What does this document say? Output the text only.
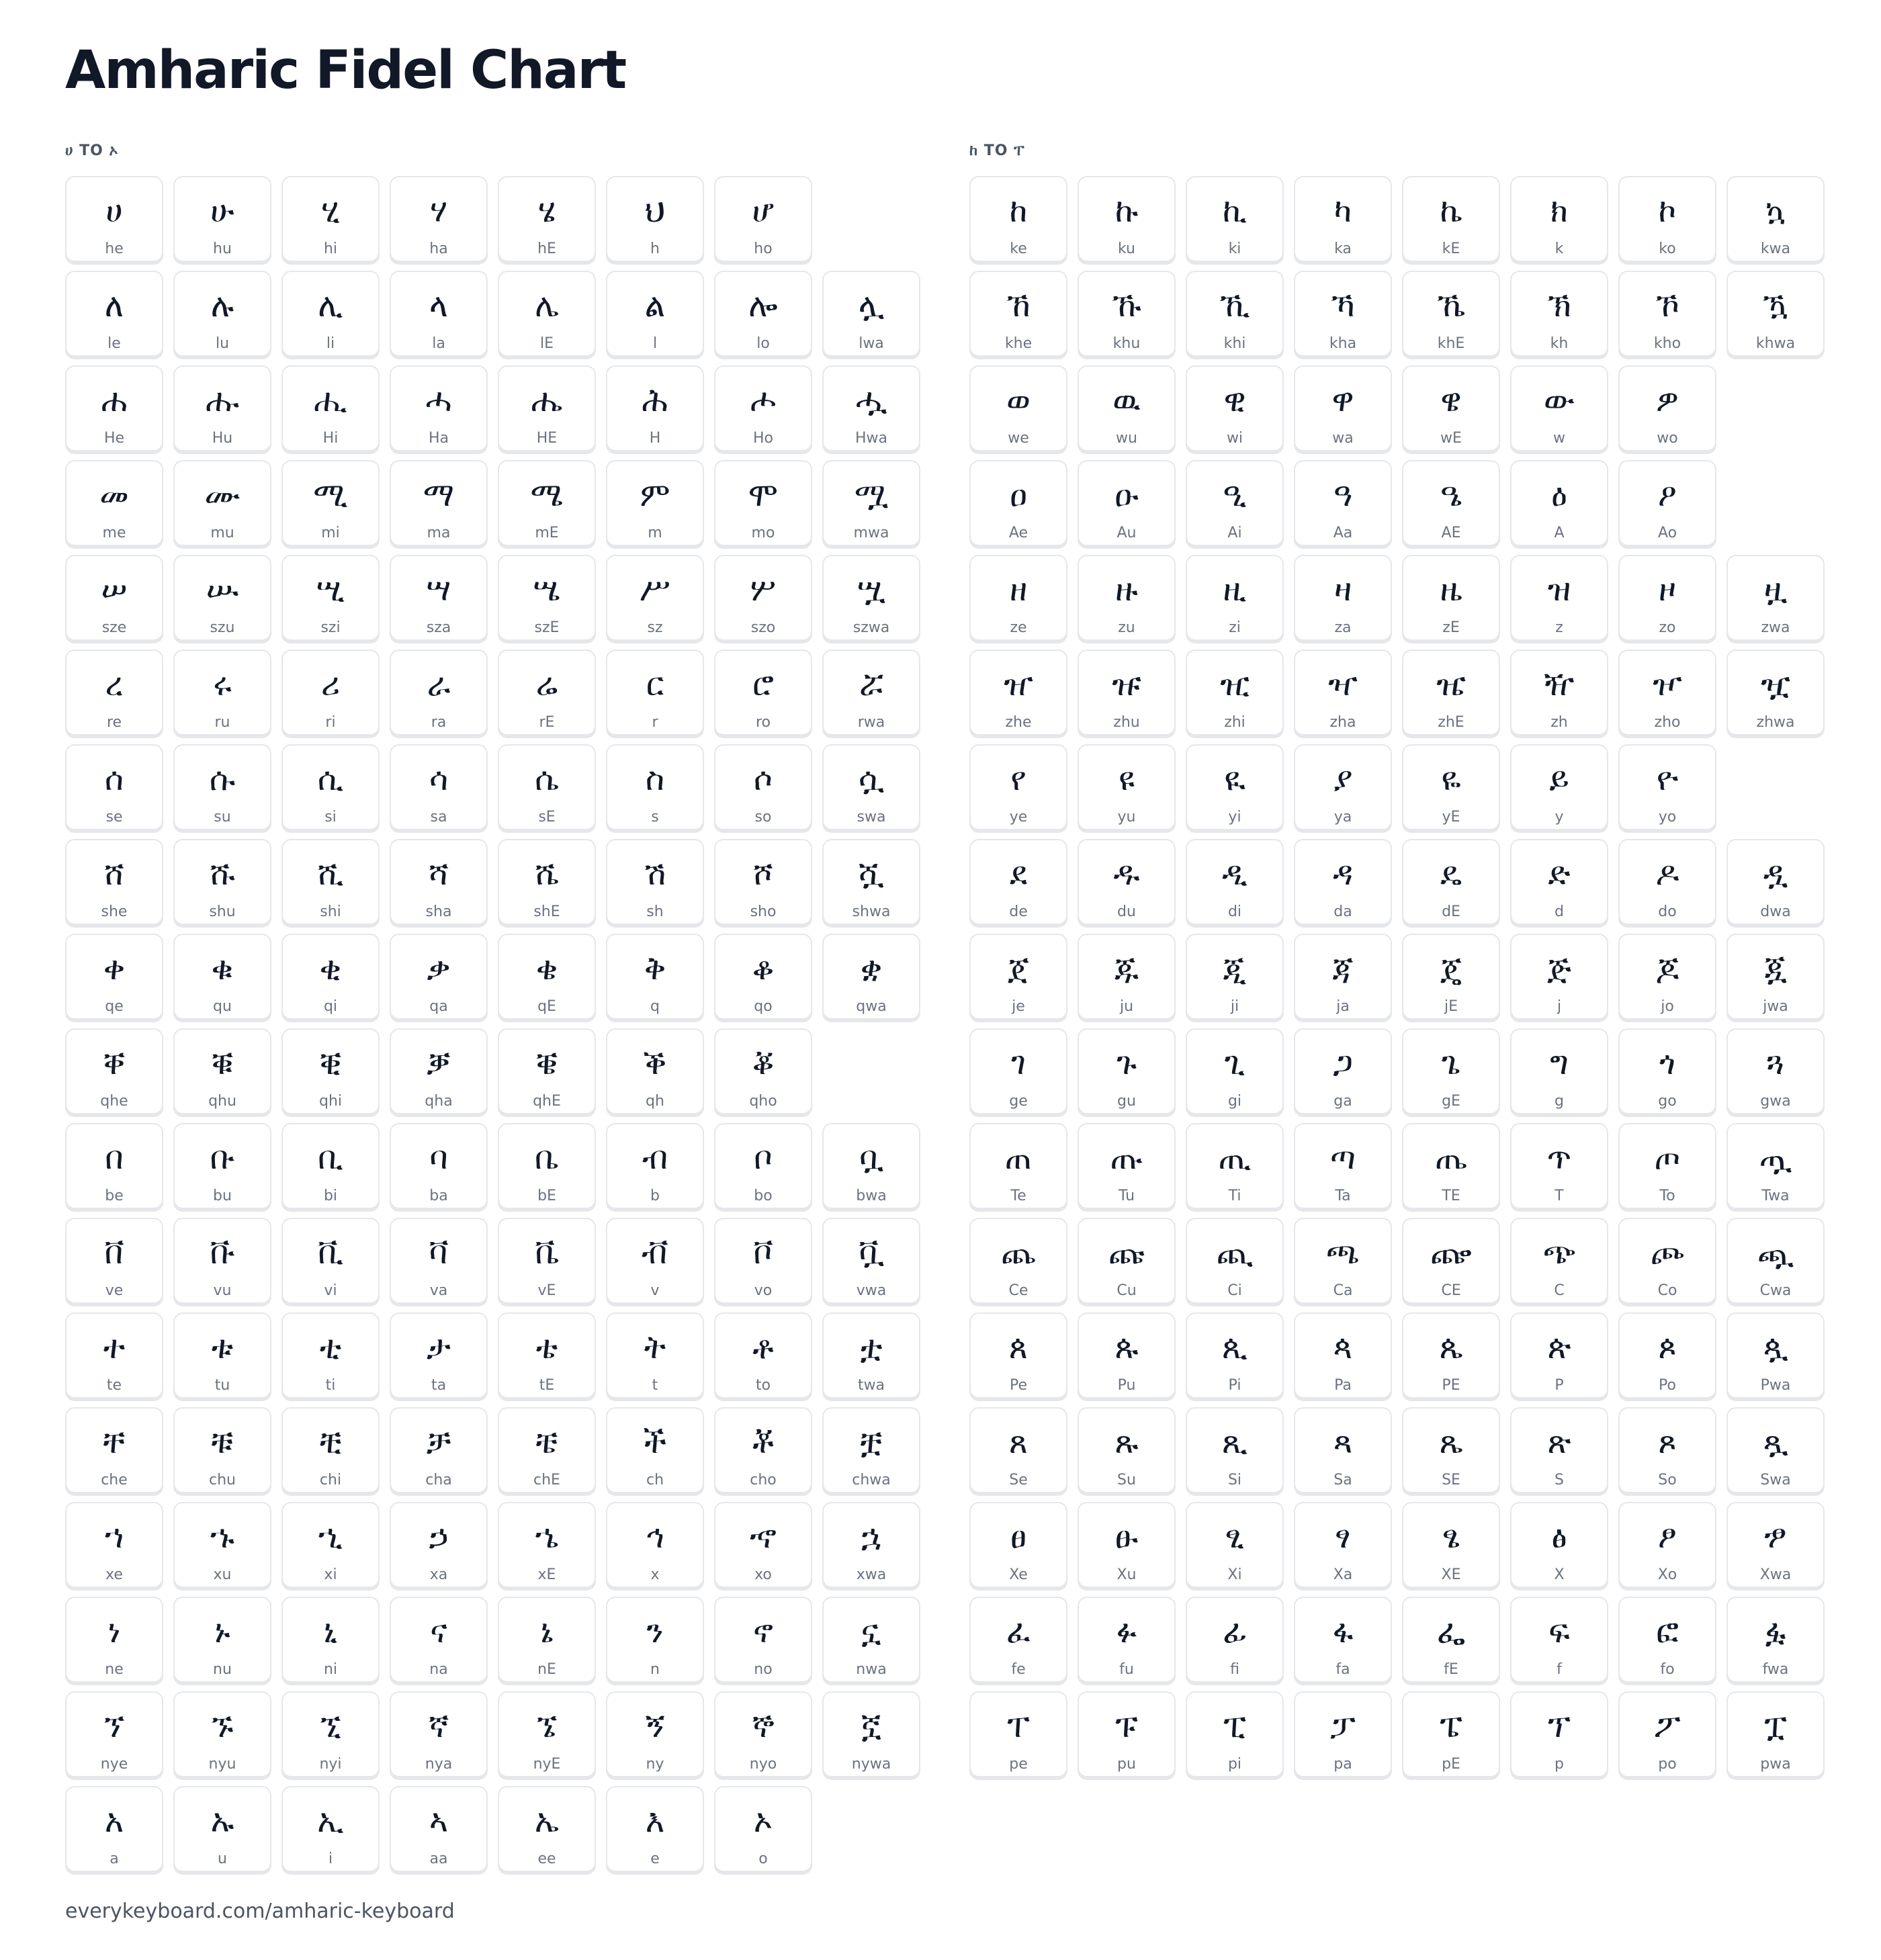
Amharic Fidel Chart
ሀ TO ኦ
ሀ
he
ሁ
hu
ሂ
hi
ሃ
ha
ሄ
hE
ህ
h
ሆ
ho
ለ
le
ሉ
lu
ሊ
li
ላ
la
ሌ
lE
ል
l
ሎ
lo
ሏ
lwa
ሐ
He
ሑ
Hu
ሒ
Hi
ሓ
Ha
ሔ
HE
ሕ
H
ሖ
Ho
ሗ
Hwa
መ
me
ሙ
mu
ሚ
mi
ማ
ma
ሜ
mE
ም
m
ሞ
mo
ሟ
mwa
ሠ
sze
ሡ
szu
ሢ
szi
ሣ
sza
ሤ
szE
ሥ
sz
ሦ
szo
ሧ
szwa
ረ
re
ሩ
ru
ሪ
ri
ራ
ra
ሬ
rE
ር
r
ሮ
ro
ሯ
rwa
ሰ
se
ሱ
su
ሲ
si
ሳ
sa
ሴ
sE
ስ
s
ሶ
so
ሷ
swa
ሸ
she
ሹ
shu
ሺ
shi
ሻ
sha
ሼ
shE
ሽ
sh
ሾ
sho
ሿ
shwa
ቀ
qe
ቁ
qu
ቂ
qi
ቃ
qa
ቄ
qE
ቅ
q
ቆ
qo
ቋ
qwa
ቐ
qhe
ቑ
qhu
ቒ
qhi
ቓ
qha
ቔ
qhE
ቕ
qh
ቖ
qho
በ
be
ቡ
bu
ቢ
bi
ባ
ba
ቤ
bE
ብ
b
ቦ
bo
ቧ
bwa
ቨ
ve
ቩ
vu
ቪ
vi
ቫ
va
ቬ
vE
ቭ
v
ቮ
vo
ቯ
vwa
ተ
te
ቱ
tu
ቲ
ti
ታ
ta
ቴ
tE
ት
t
ቶ
to
ቷ
twa
ቸ
che
ቹ
chu
ቺ
chi
ቻ
cha
ቼ
chE
ች
ch
ቾ
cho
ቿ
chwa
ኀ
xe
ኁ
xu
ኂ
xi
ኃ
xa
ኄ
xE
ኅ
x
ኆ
xo
ኋ
xwa
ነ
ne
ኑ
nu
ኒ
ni
ና
na
ኔ
nE
ን
n
ኖ
no
ኗ
nwa
ኘ
nye
ኙ
nyu
ኚ
nyi
ኛ
nya
ኜ
nyE
ኝ
ny
ኞ
nyo
ኟ
nywa
አ
a
ኡ
u
ኢ
i
ኣ
aa
ኤ
ee
እ
e
ኦ
o
ከ TO ፐ
ከ
ke
ኩ
ku
ኪ
ki
ካ
ka
ኬ
kE
ክ
k
ኮ
ko
ኳ
kwa
ኸ
khe
ኹ
khu
ኺ
khi
ኻ
kha
ኼ
khE
ኽ
kh
ኾ
kho
ዃ
khwa
ወ
we
ዉ
wu
ዊ
wi
ዋ
wa
ዌ
wE
ው
w
ዎ
wo
ዐ
Ae
ዑ
Au
ዒ
Ai
ዓ
Aa
ዔ
AE
ዕ
A
ዖ
Ao
ዘ
ze
ዙ
zu
ዚ
zi
ዛ
za
ዜ
zE
ዝ
z
ዞ
zo
ዟ
zwa
ዠ
zhe
ዡ
zhu
ዢ
zhi
ዣ
zha
ዤ
zhE
ዥ
zh
ዦ
zho
ዧ
zhwa
የ
ye
ዩ
yu
ዪ
yi
ያ
ya
ዬ
yE
ይ
y
ዮ
yo
ደ
de
ዱ
du
ዲ
di
ዳ
da
ዴ
dE
ድ
d
ዶ
do
ዷ
dwa
ጀ
je
ጁ
ju
ጂ
ji
ጃ
ja
ጄ
jE
ጅ
j
ጆ
jo
ጇ
jwa
ገ
ge
ጉ
gu
ጊ
gi
ጋ
ga
ጌ
gE
ግ
g
ጎ
go
ጓ
gwa
ጠ
Te
ጡ
Tu
ጢ
Ti
ጣ
Ta
ጤ
TE
ጥ
T
ጦ
To
ጧ
Twa
ጨ
Ce
ጩ
Cu
ጪ
Ci
ጫ
Ca
ጬ
CE
ጭ
C
ጮ
Co
ጯ
Cwa
ጰ
Pe
ጱ
Pu
ጲ
Pi
ጳ
Pa
ጴ
PE
ጵ
P
ጶ
Po
ጷ
Pwa
ጸ
Se
ጹ
Su
ጺ
Si
ጻ
Sa
ጼ
SE
ጽ
S
ጾ
So
ጿ
Swa
ፀ
Xe
ፁ
Xu
ፂ
Xi
ፃ
Xa
ፄ
XE
ፅ
X
ፆ
Xo
ፇ
Xwa
ፈ
fe
ፉ
fu
ፊ
fi
ፋ
fa
ፌ
fE
ፍ
f
ፎ
fo
ፏ
fwa
ፐ
pe
ፑ
pu
ፒ
pi
ፓ
pa
ፔ
pE
ፕ
p
ፖ
po
ፗ
pwa
everykeyboard.com/amharic-keyboard
